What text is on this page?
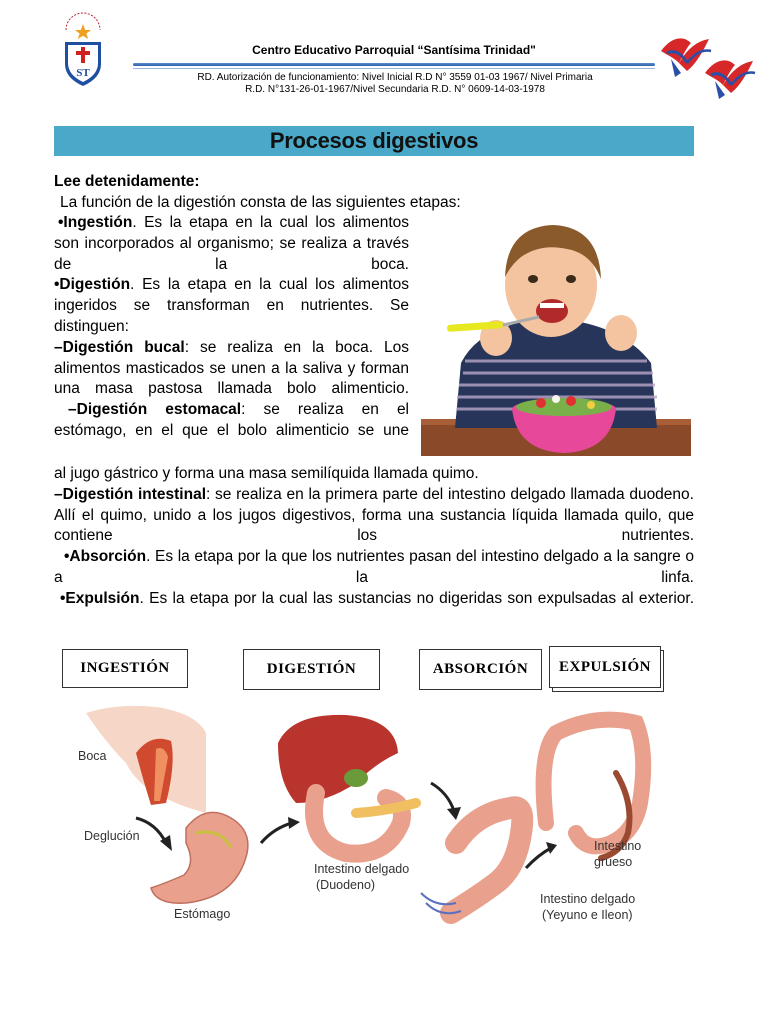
ST
Centro Educativo Parroquial “Santísima Trinidad"
RD. Autorización de funcionamiento: Nivel Inicial R.D N° 3559 01-03 1967/ Nivel Primaria
R.D. N°131-26-01-1967/Nivel Secundaria R.D. N° 0609-14-03-1978
Procesos digestivos
Lee detenidamente:
La función de la digestión consta de las siguientes etapas:

•Ingestión. Es la etapa en la cual los alimentos son incorporados al organismo; se realiza a través de la boca.

•Digestión. Es la etapa en la cual los alimentos ingeridos se transforman en nutrientes. Se distinguen:

–Digestión bucal: se realiza en la boca. Los alimentos masticados se unen a la saliva y forman una masa pastosa llamada bolo alimenticio.

–Digestión estomacal: se realiza en el estómago, en el que el bolo alimenticio se une

al jugo gástrico y forma una masa semilíquida llamada quimo.

–Digestión intestinal: se realiza en la primera parte del intestino delgado llamada duodeno. Allí el quimo, unido a los jugos digestivos, forma una sustancia líquida llamada quilo, que contiene los nutrientes.

•Absorción. Es la etapa por la que los nutrientes pasan del intestino delgado a la sangre o a la linfa.

•Expulsión. Es la etapa por la cual las sustancias no digeridas son expulsadas al exterior.

INGESTIÓN	DIGESTIÓN	ABSORCIÓN	EXPULSIÓN
Boca
Deglución
Estómago
Intestino delgado
(Duodeno)
Intestino
grueso
Intestino delgado
(Yeyuno e Ileon)
